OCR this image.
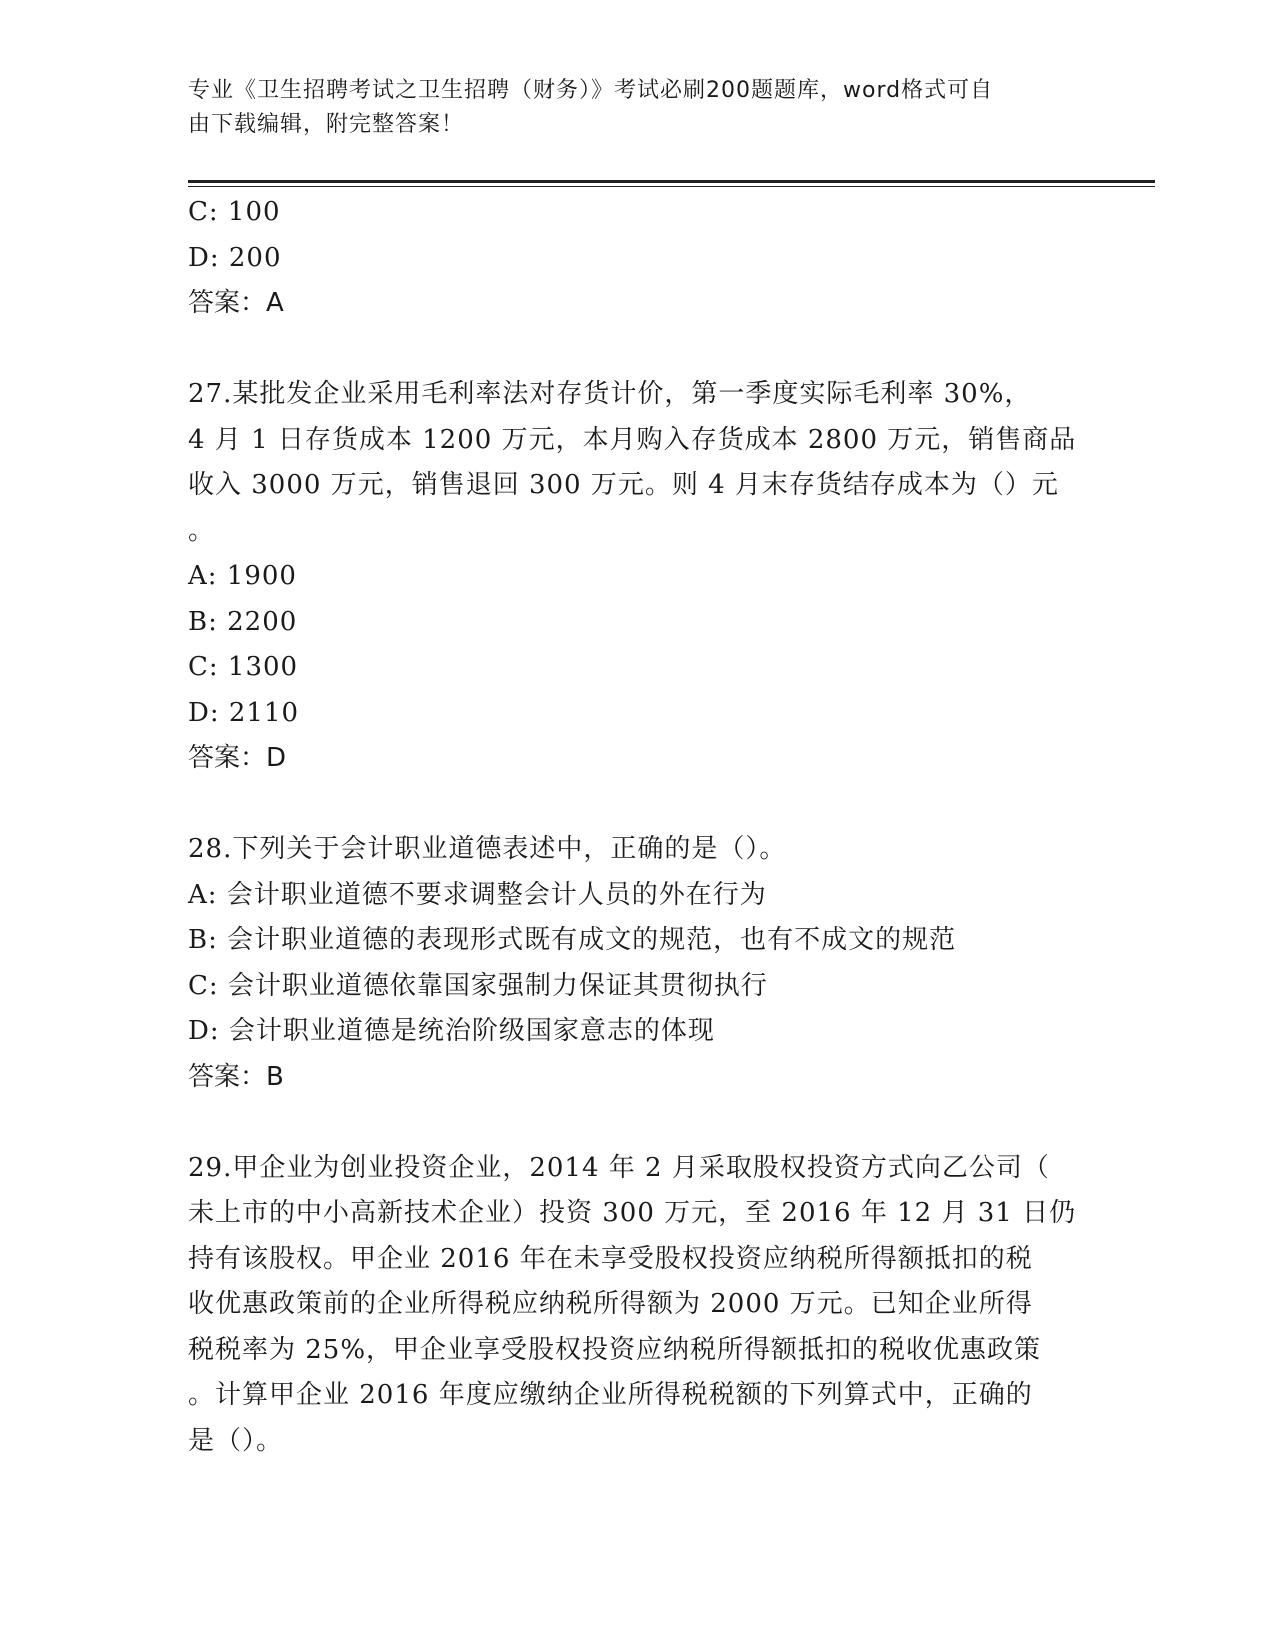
专业《卫生招聘考试之卫生招聘（财务）》考试必刷200题题库，word格式可自
由下载编辑，附完整答案！
C: 100
D: 200
答案：A
27.某批发企业采用毛利率法对存货计价，第一季度实际毛利率 30%，
4 月 1 日存货成本 1200 万元，本月购入存货成本 2800 万元，销售商品
收入 3000 万元，销售退回 300 万元。则 4 月末存货结存成本为（）元
。
A: 1900
B: 2200
C: 1300
D: 2110
答案：D
28.下列关于会计职业道德表述中，正确的是（）。
A: 会计职业道德不要求调整会计人员的外在行为
B: 会计职业道德的表现形式既有成文的规范，也有不成文的规范
C: 会计职业道德依靠国家强制力保证其贯彻执行
D: 会计职业道德是统治阶级国家意志的体现
答案：B
29.甲企业为创业投资企业，2014 年 2 月采取股权投资方式向乙公司（
未上市的中小高新技术企业）投资 300 万元，至 2016 年 12 月 31 日仍
持有该股权。甲企业 2016 年在未享受股权投资应纳税所得额抵扣的税
收优惠政策前的企业所得税应纳税所得额为 2000 万元。已知企业所得
税税率为 25%，甲企业享受股权投资应纳税所得额抵扣的税收优惠政策
。计算甲企业 2016 年度应缴纳企业所得税税额的下列算式中，正确的
是（）。
